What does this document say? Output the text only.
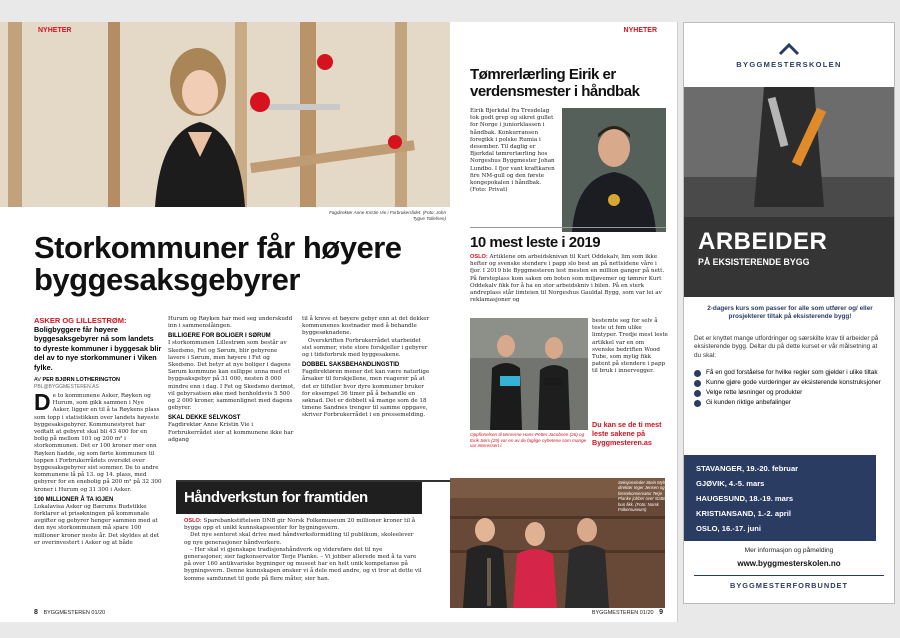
NYHETER
Fagdirektør Anne Kristin Vie i Forbrukerrådet. (Foto: John Tygve Tollefsen)
Storkommuner får høyere byggesaksgebyrer
ASKER OG LILLESTRØM:
Boligbyggere får høyere byggesaksgebyrer nå som landets to dyreste kommuner i byggesak blir del av to nye storkommuner i Viken fylke.
AV PER BJØRN LOTHERINGTON
PBL@BYGGMESTEREN.AS
D e to kommunene Asker, Røyken og Hurum, som gikk sammen i Nye Asker, ligger en til å ta Røykens plass som topp i statistikken over landets høyeste byggesaksgebyrer. Kommunestyret har vedtatt at gebyret skal bli 43 400 for en bolig på mellom 101 og 200 m² i storkommunen. Det er 100 kroner mer enn Røyken hadde, og som førte kommunen til toppen i Forbrukerrådets oversikt over byggesaksgebyrer sist sommer. De to andre kommunene lå på 13. og 14. plass, med gebyrer for en enebolig på 200 m² på 32 300 kroner i Hurum og 31 300 i Asker.
100 MILLIONER Å TA IGJEN
Lokalavisa Asker og Bærums Budstikke forklarer at prisøkningen på kommunale avgifter og gebyrer henger sammen med at den nye storkommunen må spare 100 millioner kroner neste år. Det skyldes at det er overinvestert i Asker og at både
Hurum og Røyken har med seg underskudd inn i sammenslåingen.
BILLIGERE FOR BOLIGER I SØRUM
I storkommunen Lillestrøm som består av Skedsmo, Fet og Sørum, blir gebyrene lavere i Sørum, men høyere i Fet og Skedsmo. Det betyr at nye boliger i dagens Sørum kommune kan esllippe unna med et byggsaksgebyr på 31 000, nesten 8 000 mindre enn i dag. I Fet og Skedsmo derimot, vil gebyrsatsen øke med henholdsvis 5 500 og 2 000 kroner, sammenlignet med dagens gebyrer.
SKAL DEKKE SELVKOST
Fagdirektør Anne Kristin Vie i Forbrukerrådet sier at kommunene ikke har adgang
til å kreve et høyere gebyr enn at det dekker kommunenes kostnader med å behandle byggesøknadene.
Overskriften Forbrukerrådet utarbeidet sist sommer, viste store forskjeller i gebyrer og i tidsforbruk med byggesakene.
DOBBEL SAKSBEHANDLINGSTID
Fagdirektøren mener det kan være naturlige årsaker til forskjellene, men reagerer på at det er tilfeller hvor dyre kommuner bruker for eksempel 36 timer på å behandle en søknad. Det er dobbelt så mange som de 18 timene Sandnes trenger til samme oppgave, skriver Forbrukerrådet i en pressemelding.
Håndverkstun for framtiden
OSLO: Sparebankstiftelsen DNB gir Norsk Folkemuseum 20 millioner kroner til å bygge opp et unikt kunnskapssenter for bygningsvern.
Det nye senteret skal drive med håndverksformidling til publikum, skoleelever og nye generasjoner håndverkere.
– Her skal vi gjenskape tradisjonshåndverk og videreføre det til nye generasjoner, sier fagkonservator Terje Planke. – Vi jobber allerede med å ta vare på over 160 antikvariske bygninger og museet har en helt unik kompetanse på bygningsvern. Denne kunnskapen ønsker vi å dele med andre, og vi tror at dette vil komme samfunnet til gode på flere måter, sier han.
8 BYGGMESTEREN 01/20
NYHETER
Tømrerlærling Eirik er verdensmester i håndbak
Eirik Bjerkdal fra Tresdelag tok godt grep og sikret gullet for Norge i juniorklassen i håndbak. Konkurransen foregikk i polske Rumia i desember. Til daglig er Bjerkdal tømrerlærling hos Norgeshus Byggmester Johan Lundbo. I fjor vant kraftkaren fire NM-gull og den første kongepokalen i håndbak. (Foto: Privat)
10 mest leste i 2019
OSLO: Artiklene om arbeidsknivan til Kurt Oddekalv, lim som ikke hefter og svenske stendere i papp slo best an på nettsidene våre i fjor. I 2019 ble Byggmesteren lest mesten en million ganger på nett. På førsteplass kom saken om boten som miljøvemer og tømrer Kurt Oddekalv fikk for å ha en stor arbeidskniv i bilen. På en sterk andreplass står limteien til Norgeshus Gauldal Bygg, som var lei av reklamasjoner og
bestemte seg for selv å teste ut fem ulike limtyper. Tredje mest leste artikkel var en om svenske bedriften Wood Tube, som mylig fikk patent på stendere i papp til bruk i innervegger.
Oppfinnelsen til tømrerne Hans-Petter Jacobsen (26) og Eirik Sørs (29) var en av de faglige nyhetene som mange var interessert i.
Du kan se de ti mest leste sakene på Byggmesteren.as
Seksjonsleder Stein Myhren, direktør Inger Jensen og førstekonservator Terje Planke jobber over statten da hun fikk. (Foto: Norsk Folkemuseum)
BYGGMESTEREN 01/20 9
BYGGMESTERSKOLEN
ARBEIDER
PÅ EKSISTERENDE BYGG
2-dagers kurs som passer for alle som utfører og/ eller prosjekterer tiltak på eksisterende bygg!
Det er knyttet mange utfordringer og særskilte krav til arbeider på eksisterende bygg. Deltar du på dette kurset er vår målsetning at du skal:
Få en god forståelse for hvilke regler som gjelder i ulike tiltak
Kunne gjøre gode vurderinger av eksisterende konstruksjoner
Velge rette løsninger og produkter
Gi kunden riktige anbefalinger
STAVANGER, 19.-20. februar
GJØVIK, 4.-5. mars
HAUGESUND, 18.-19. mars
KRISTIANSAND, 1.-2. april
OSLO, 16.-17. juni
Mer informasjon og påmelding
www.byggmesterskolen.no
BYGGMESTERFORBUNDET
